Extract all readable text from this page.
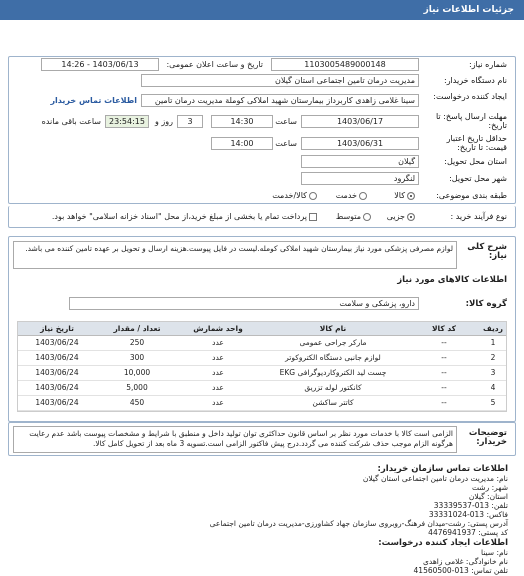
جزئیات اطلاعات نیاز
شماره نیاز:
1103005489000148
تاریخ و ساعت اعلان عمومی:
1403/06/13 - 14:26
نام دستگاه خریدار:
مدیریت درمان تامین اجتماعی استان گیلان
ایجاد کننده درخواست:
سینا غلامی زاهدی کاربرداز بیمارستان شهید املاکی کوملة مدیریت درمان تامین
اطلاعات تماس خریدار
مهلت ارسال پاسخ: تا تاریخ:
1403/06/17
ساعت
14:30
3
روز و
23:54:15
ساعت باقی مانده
حداقل تاریخ اعتبار قیمت: تا تاریخ:
1403/06/31
ساعت
14:00
استان محل تحویل:
گیلان
شهر محل تحویل:
لنگرود
طبقه بندی موضوعی:
کالا
خدمت
کالا/خدمت
نوع فرآیند خرید :
جزیی
متوسط
پرداخت تمام یا بخشی از مبلغ خرید،از محل "اسناد خزانه اسلامی" خواهد بود.
شرح کلی نیاز:
لوازم مصرفی پزشکی مورد نیاز بیمارستان شهید املاکی کومله.لیست در فایل پیوست.هزینه ارسال و تحویل بر عهده تامین کننده می باشد.
اطلاعات کالاهای مورد نیاز
گروه کالا:
دارو، پزشکی و سلامت
ردیف	کد کالا	نام کالا	واحد شمارش	تعداد / مقدار	تاریخ نیاز
1	--	مارکر جراحی عمومی	عدد	250	1403/06/24
2	--	لوازم جانبی دستگاه الکتروکوتر	عدد	300	1403/06/24
3	--	چست لید الکتروکاردیوگرافی EKG	عدد	10,000	1403/06/24
4	--	کانکتور لوله تزریق	عدد	5,000	1403/06/24
5	--	کاتتر ساکشن	عدد	450	1403/06/24
توضیحات خریدار:
الزامی است کالا با خدمات مورد نظر بر اساس قانون حداکثری توان تولید داخل و منطبق با شرایط و مشخصات پیوست باشد عدم رعایت هرگونه الزام موجب حذف شرکت کننده می گردد.درج پیش فاکتور الزامی است.تسویه 3 ماه بعد از تحویل کامل کالا.
اطلاعات تماس سازمان خریدار:
نام: مدیریت درمان تامین اجتماعی استان گیلان
شهر: رشت
استان: گیلان
تلفن: 013-33339537
فاکس: 013-33331024
آدرس پستی: رشت-میدان فرهنگ-روبروی سازمان جهاد کشاورزی-مدیریت درمان تامین اجتماعی
کد پستی: 4476941937
اطلاعات ایجاد کننده درخواست:
نام: سینا
نام خانوادگی: غلامی زاهدی
تلفن تماس: 013-41560500
